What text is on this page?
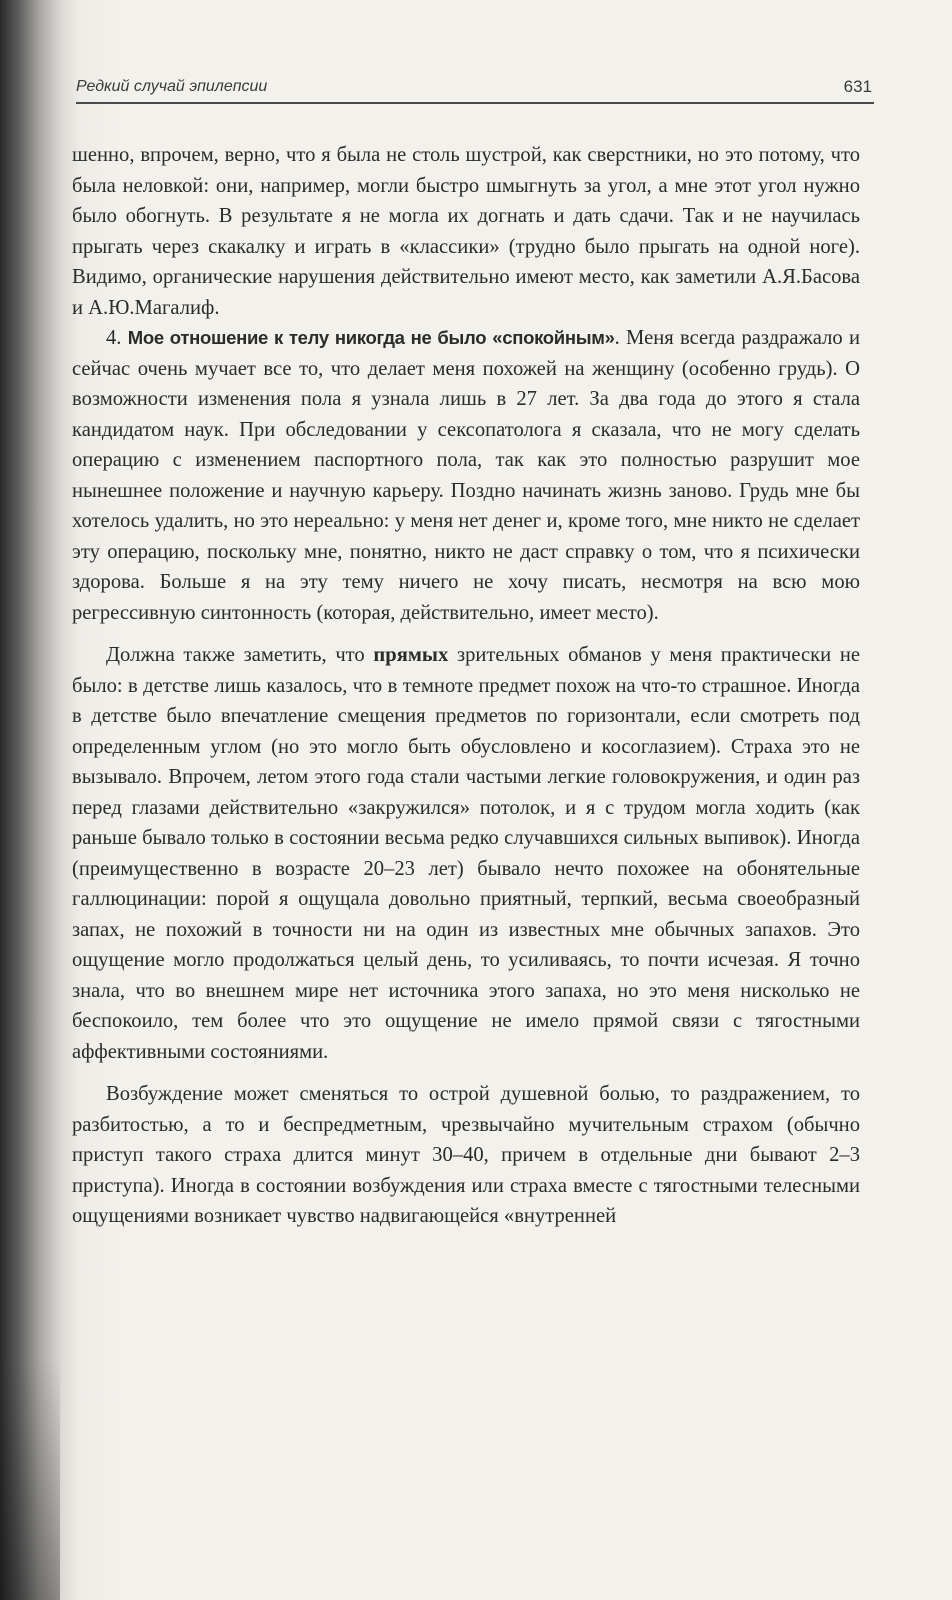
Редкий случай эпилепсии	631

шенно, впрочем, верно, что я была не столь шустрой, как сверстники, но это потому, что была неловкой: они, например, могли быстро шмыгнуть за угол, а мне этот угол нужно было обогнуть. В результате я не могла их догнать и дать сдачи. Так и не научилась прыгать через скакалку и играть в «классики» (трудно было прыгать на одной ноге). Видимо, органические нарушения действительно имеют место, как заметили А.Я.Басова и А.Ю.Магалиф.

4. Мое отношение к телу никогда не было «спокойным». Меня всегда раздражало и сейчас очень мучает все то, что делает меня похожей на женщину (особенно грудь). О возможности изменения пола я узнала лишь в 27 лет. За два года до этого я стала кандидатом наук. При обследовании у сексопатолога я сказала, что не могу сделать операцию с изменением паспортного пола, так как это полностью разрушит мое нынешнее положение и научную карьеру. Поздно начинать жизнь заново. Грудь мне бы хотелось удалить, но это нереально: у меня нет денег и, кроме того, мне никто не сделает эту операцию, поскольку мне, понятно, никто не даст справку о том, что я психически здорова. Больше я на эту тему ничего не хочу писать, несмотря на всю мою регрессивную синтонность (которая, действительно, имеет место).

Должна также заметить, что прямых зрительных обманов у меня практически не было: в детстве лишь казалось, что в темноте предмет похож на что-то страшное. Иногда в детстве было впечатление смещения предметов по горизонтали, если смотреть под определенным углом (но это могло быть обусловлено и косоглазием). Страха это не вызывало. Впрочем, летом этого года стали частыми легкие головокружения, и один раз перед глазами действительно «закружился» потолок, и я с трудом могла ходить (как раньше бывало только в состоянии весьма редко случавшихся сильных выпивок). Иногда (преимущественно в возрасте 20–23 лет) бывало нечто похожее на обонятельные галлюцинации: порой я ощущала довольно приятный, терпкий, весьма своеобразный запах, не похожий в точности ни на один из известных мне обычных запахов. Это ощущение могло продолжаться целый день, то усиливаясь, то почти исчезая. Я точно знала, что во внешнем мире нет источника этого запаха, но это меня нисколько не беспокоило, тем более что это ощущение не имело прямой связи с тягостными аффективными состояниями.

Возбуждение может сменяться то острой душевной болью, то раздражением, то разбитостью, а то и беспредметным, чрезвычайно мучительным страхом (обычно приступ такого страха длится минут 30–40, причем в отдельные дни бывают 2–3 приступа). Иногда в состоянии возбуждения или страха вместе с тягостными телесными ощущениями возникает чувство надвигающейся «внутренней
